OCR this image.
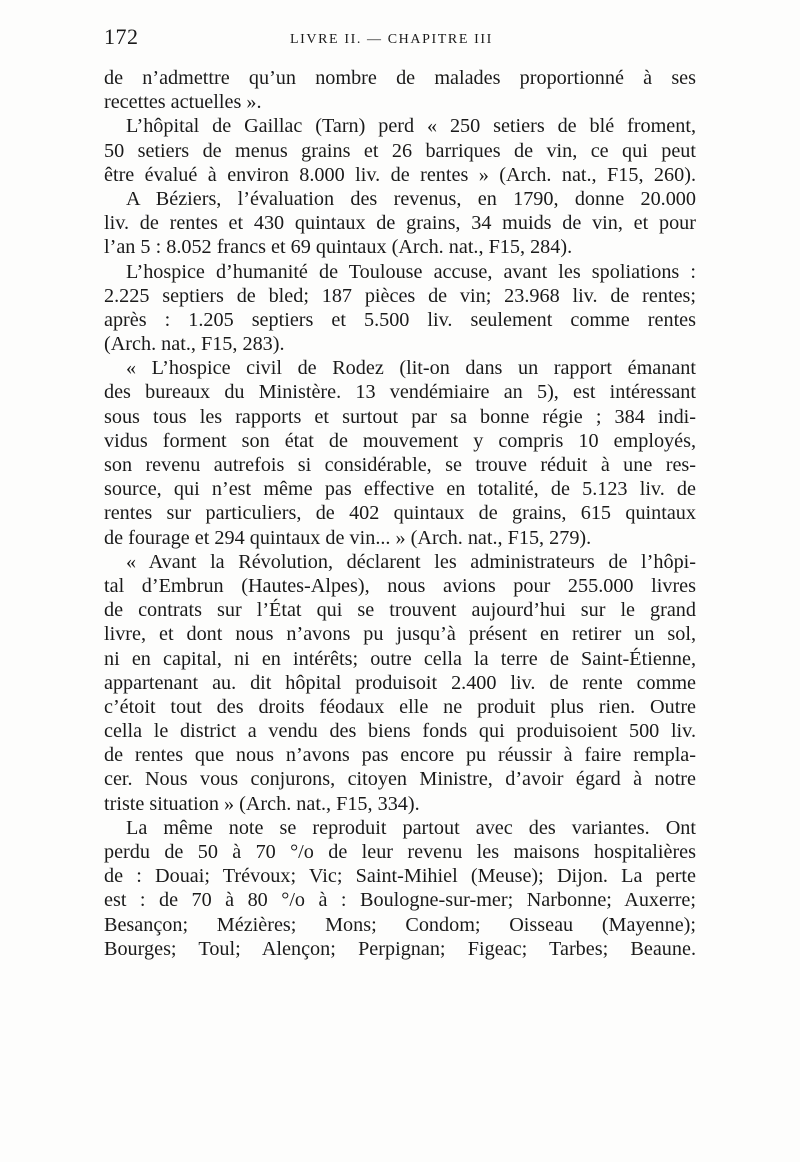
172	LIVRE II. — CHAPITRE III
de n’admettre qu’un nombre de malades proportionné à ses
recettes actuelles ».
L’hôpital de Gaillac (Tarn) perd « 250 setiers de blé froment,
50 setiers de menus grains et 26 barriques de vin, ce qui peut
être évalué à environ 8.000 liv. de rentes » (Arch. nat., F15, 260).
A Béziers, l’évaluation des revenus, en 1790, donne 20.000
liv. de rentes et 430 quintaux de grains, 34 muids de vin, et pour
l’an 5 : 8.052 francs et 69 quintaux (Arch. nat., F15, 284).
L’hospice d’humanité de Toulouse accuse, avant les spoliations :
2.225 septiers de bled; 187 pièces de vin; 23.968 liv. de rentes;
après : 1.205 septiers et 5.500 liv. seulement comme rentes
(Arch. nat., F15, 283).
« L’hospice civil de Rodez (lit-on dans un rapport émanant
des bureaux du Ministère. 13 vendémiaire an 5), est intéressant
sous tous les rapports et surtout par sa bonne régie ; 384 indi-
vidus forment son état de mouvement y compris 10 employés,
son revenu autrefois si considérable, se trouve réduit à une res-
source, qui n’est même pas effective en totalité, de 5.123 liv. de
rentes sur particuliers, de 402 quintaux de grains, 615 quintaux
de fourage et 294 quintaux de vin... » (Arch. nat., F15, 279).
« Avant la Révolution, déclarent les administrateurs de l’hôpi-
tal d’Embrun (Hautes-Alpes), nous avions pour 255.000 livres
de contrats sur l’État qui se trouvent aujourd’hui sur le grand
livre, et dont nous n’avons pu jusqu’à présent en retirer un sol,
ni en capital, ni en intérêts; outre cella la terre de Saint-Étienne,
appartenant au. dit hôpital produisoit 2.400 liv. de rente comme
c’étoit tout des droits féodaux elle ne produit plus rien. Outre
cella le district a vendu des biens fonds qui produisoient 500 liv.
de rentes que nous n’avons pas encore pu réussir à faire rempla-
cer. Nous vous conjurons, citoyen Ministre, d’avoir égard à notre
triste situation » (Arch. nat., F15, 334).
La même note se reproduit partout avec des variantes. Ont
perdu de 50 à 70 °/o de leur revenu les maisons hospitalières
de : Douai; Trévoux; Vic; Saint-Mihiel (Meuse); Dijon. La perte
est : de 70 à 80 °/o à : Boulogne-sur-mer; Narbonne; Auxerre;
Besançon; Mézières; Mons; Condom; Oisseau (Mayenne);
Bourges; Toul; Alençon; Perpignan; Figeac; Tarbes; Beaune.
